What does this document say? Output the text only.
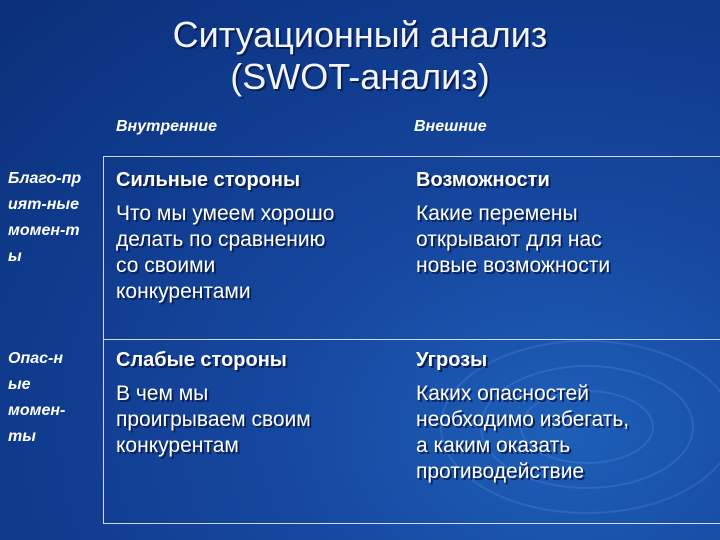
Ситуационный анализ
(SWOT-анализ)
Внутренние	Внешние
Благо-пр
ият-ные
момен-т
ы
Опас-н
ые
момен-
ты
Сильные стороны
Что мы умеем хорошо
делать по сравнению
со своими
конкурентами
Возможности
Какие перемены
открывают для нас
новые возможности
Слабые стороны
В чем мы
проигрываем своим
конкурентам
Угрозы
Каких опасностей
необходимо избегать,
а каким оказать
противодействие
